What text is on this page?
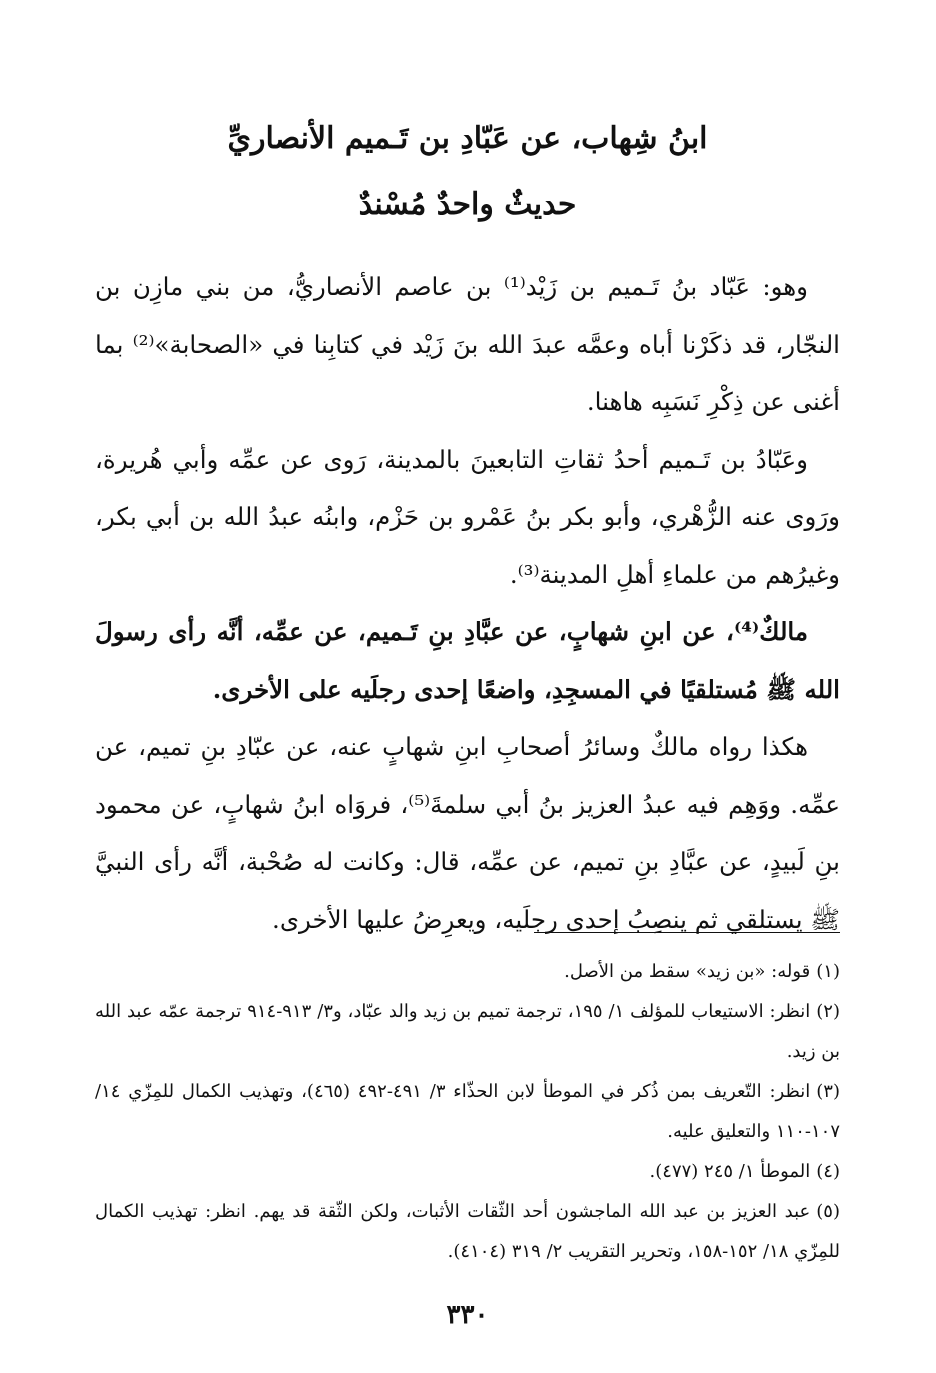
ابنُ شِهاب، عن عَبّادِ بن تَـميم الأنصاريِّ
حديثٌ واحدٌ مُسْندٌ

وهو: عَبّاد بنُ تَـميم بن زَيْد⁽¹⁾ بن عاصم الأنصاريُّ، من بني مازِن بن النجّار، قد ذكَرْنا أباه وعمَّه عبدَ الله بنَ زَيْد في كتابِنا في «الصحابة»⁽²⁾ بما أغنى عن ذِكْرِ نَسَبِه هاهنا.

وعَبّادُ بن تَـميم أحدُ ثقاتِ التابعينَ بالمدينة، رَوى عن عمِّه وأبي هُريرة، ورَوى عنه الزُّهْري، وأبو بكر بنُ عَمْرو بن حَزْم، وابنُه عبدُ الله بن أبي بكر، وغيرُهم من علماءِ أهلِ المدينة⁽³⁾.

مالكٌ⁽⁴⁾، عن ابنِ شهابٍ، عن عبَّادِ بنِ تَـميم، عن عمِّه، أنَّه رأى رسولَ الله ﷺ مُستلقيًا في المسجِدِ، واضعًا إحدى رجلَيه على الأخرى.

هكذا رواه مالكٌ وسائرُ أصحابِ ابنِ شهابٍ عنه، عن عبّادِ بنِ تميم، عن عمِّه. ووَهِم فيه عبدُ العزيز بنُ أبي سلمةَ⁽⁵⁾، فروَاه ابنُ شهابٍ، عن محمود بنِ لَبيدٍ، عن عبَّادِ بنِ تميم، عن عمِّه، قال: وكانت له صُحْبة، أنَّه رأى النبيَّ ﷺ يستلقي ثم ينصِبُ إحدى رجلَيه، ويعرِضُ عليها الأخرى.

(١)قوله: «بن زيد» سقط من الأصل.

(٢)انظر: الاستيعاب للمؤلف ١/ ١٩٥، ترجمة تميم بن زيد والد عبّاد، و٣/ ٩١٣-٩١٤ ترجمة عمّه عبد الله بن زيد.

(٣)انظر: التّعريف بمن ذُكر في الموطأ لابن الحذّاء ٣/ ٤٩١-٤٩٢ (٤٦٥)، وتهذيب الكمال للمِزّي ١٤/ ١٠٧-١١٠ والتعليق عليه.

(٤)الموطأ ١/ ٢٤٥ (٤٧٧).

(٥)عبد العزيز بن عبد الله الماجشون أحد الثّقات الأثبات، ولكن الثّقة قد يهم. انظر: تهذيب الكمال للمِزّي ١٨/ ١٥٢-١٥٨، وتحرير التقريب ٢/ ٣١٩ (٤١٠٤).

٣٣٠
